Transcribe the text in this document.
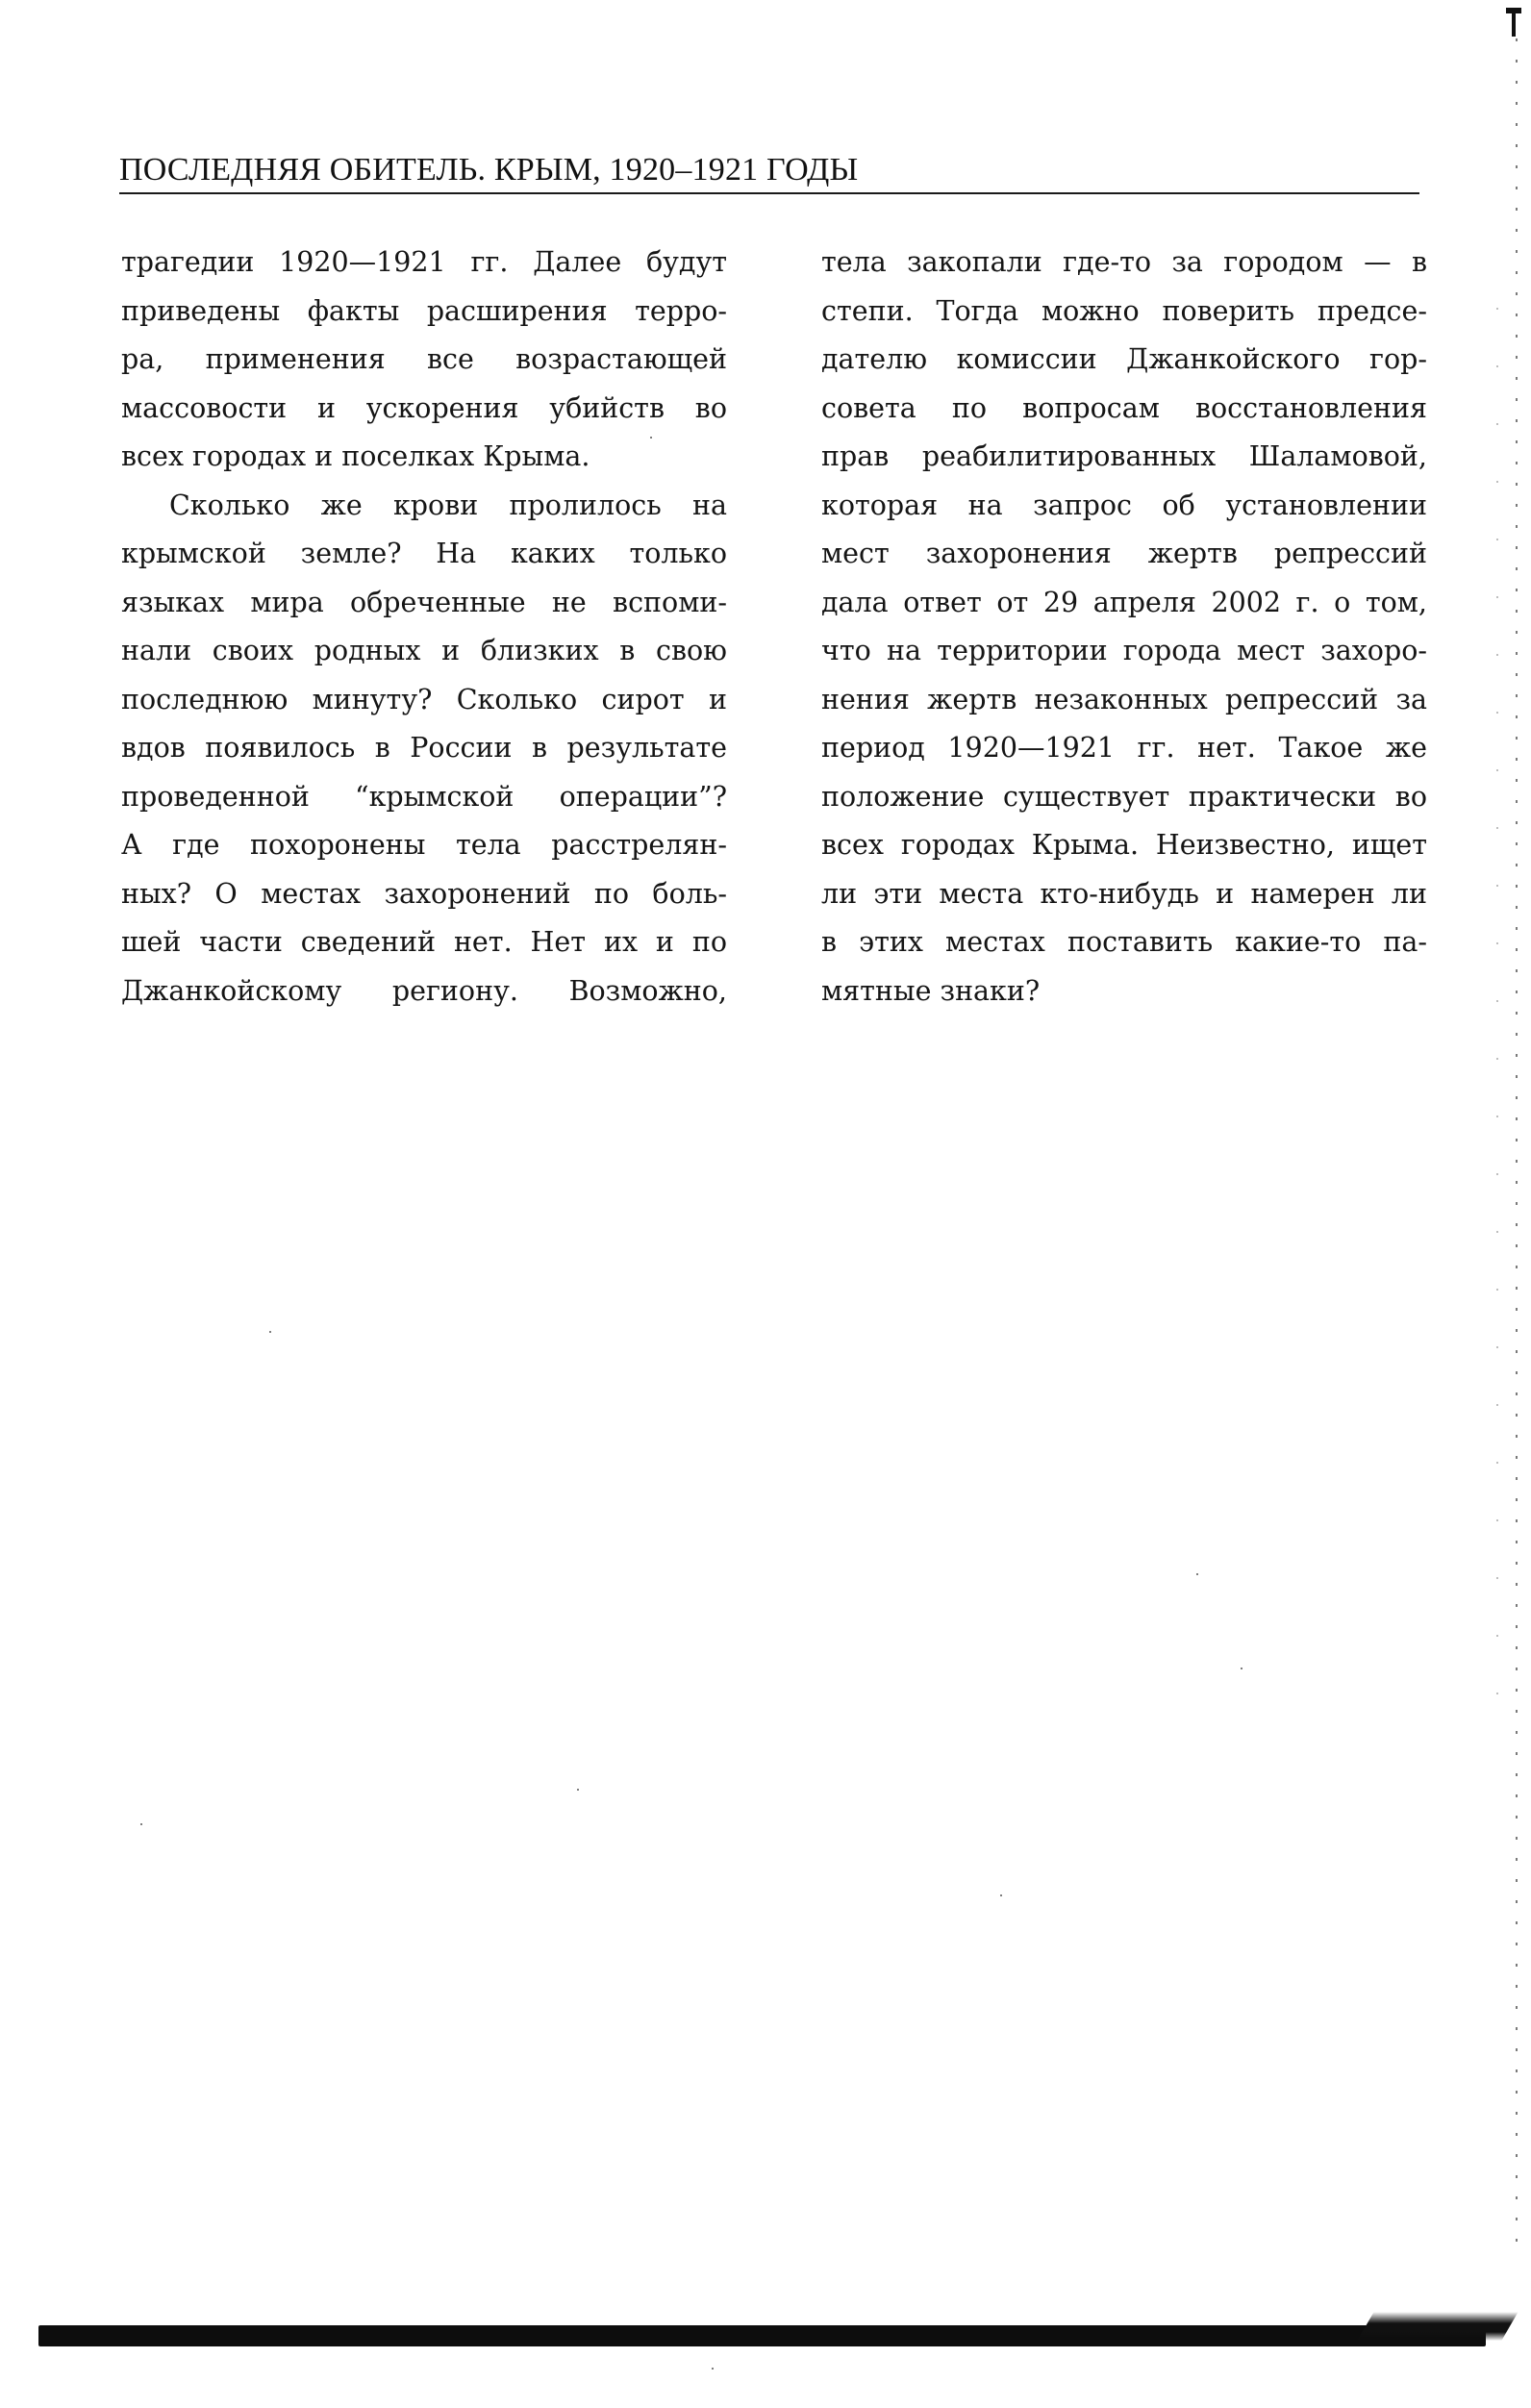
ПОСЛЕДНЯЯ ОБИТЕЛЬ. КРЫМ, 1920–1921 ГОДЫ

трагедии 1920—1921 гг. Далее будут
приведены факты расширения терро-
ра, применения все возрастающей
массовости и ускорения убийств во
всех городах и поселках Крыма.

Сколько же крови пролилось на
крымской земле? На каких только
языках мира обреченные не вспоми-
нали своих родных и близких в свою
последнюю минуту? Сколько сирот и
вдов появилось в России в результате
проведенной “крымской операции”?
А где похоронены тела расстрелян-
ных? О местах захоронений по боль-
шей части сведений нет. Нет их и по
Джанкойскому региону. Возможно,

тела закопали где-то за городом — в
степи. Тогда можно поверить предсе-
дателю комиссии Джанкойского гор-
совета по вопросам восстановления
прав реабилитированных Шаламовой,
которая на запрос об установлении
мест захоронения жертв репрессий
дала ответ от 29 апреля 2002 г. о том,
что на территории города мест захоро-
нения жертв незаконных репрессий за
период 1920—1921 гг. нет. Такое же
положение существует практически во
всех городах Крыма. Неизвестно, ищет
ли эти места кто-нибудь и намерен ли
в этих местах поставить какие-то па-
мятные знаки?
